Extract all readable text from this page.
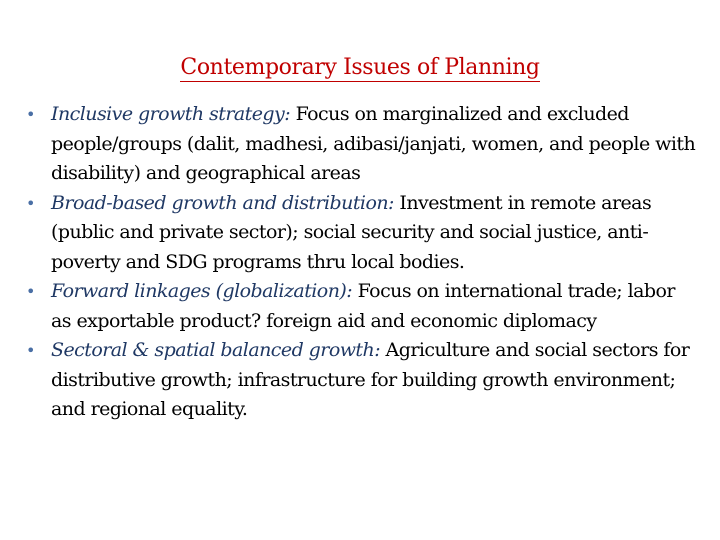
Contemporary Issues of Planning
• Inclusive growth strategy: Focus on marginalized and excluded people/groups (dalit, madhesi, adibasi/janjati, women, and people with disability) and geographical areas
• Broad-based growth and distribution: Investment in remote areas (public and private sector); social security and social justice, anti-poverty and SDG programs thru local bodies.
• Forward linkages (globalization): Focus on international trade; labor as exportable product? foreign aid and economic diplomacy
• Sectoral & spatial balanced growth: Agriculture and social sectors for distributive growth; infrastructure for building growth environment; and regional equality.
